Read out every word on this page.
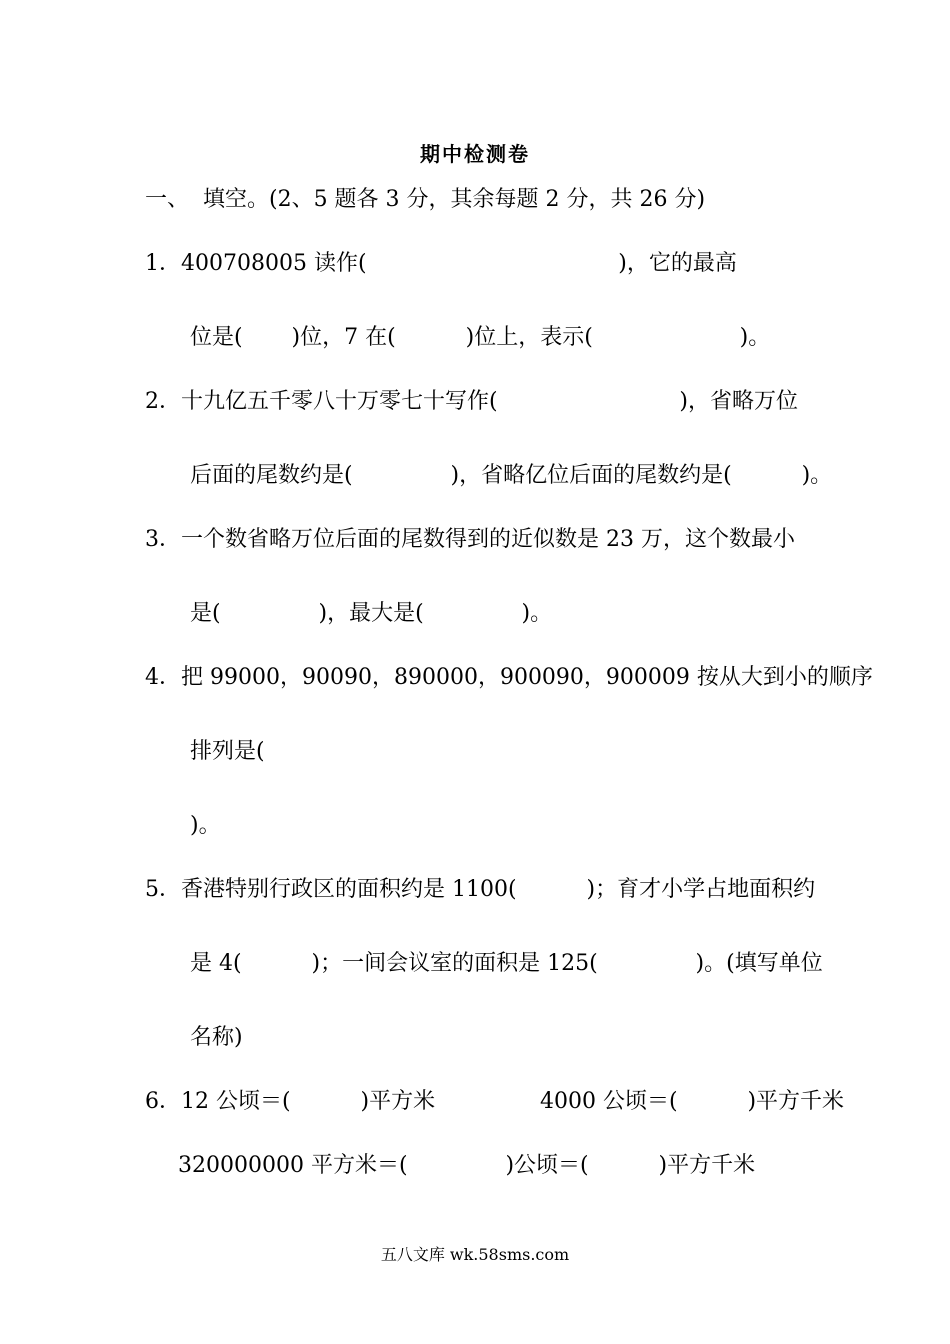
期中检测卷
一、  填空。(2、5 题各 3 分，其余每题 2 分，共 26 分)
1．400708005 读作(                                    )，它的最高
位是(       )位，7 在(          )位上，表示(                     )。
2．十九亿五千零八十万零七十写作(                          )，省略万位
后面的尾数约是(              )，省略亿位后面的尾数约是(          )。
3．一个数省略万位后面的尾数得到的近似数是 23 万，这个数最小
是(              )，最大是(              )。
4．把 99000，90090，890000，900090，900009 按从大到小的顺序
排列是(
)。
5．香港特别行政区的面积约是 1100(          )；育才小学占地面积约
是 4(          )；一间会议室的面积是 125(              )。(填写单位
名称)
6．12 公顷＝(          )平方米               4000 公顷＝(          )平方千米
320000000 平方米＝(              )公顷＝(          )平方千米
五八文库 wk.58sms.com
